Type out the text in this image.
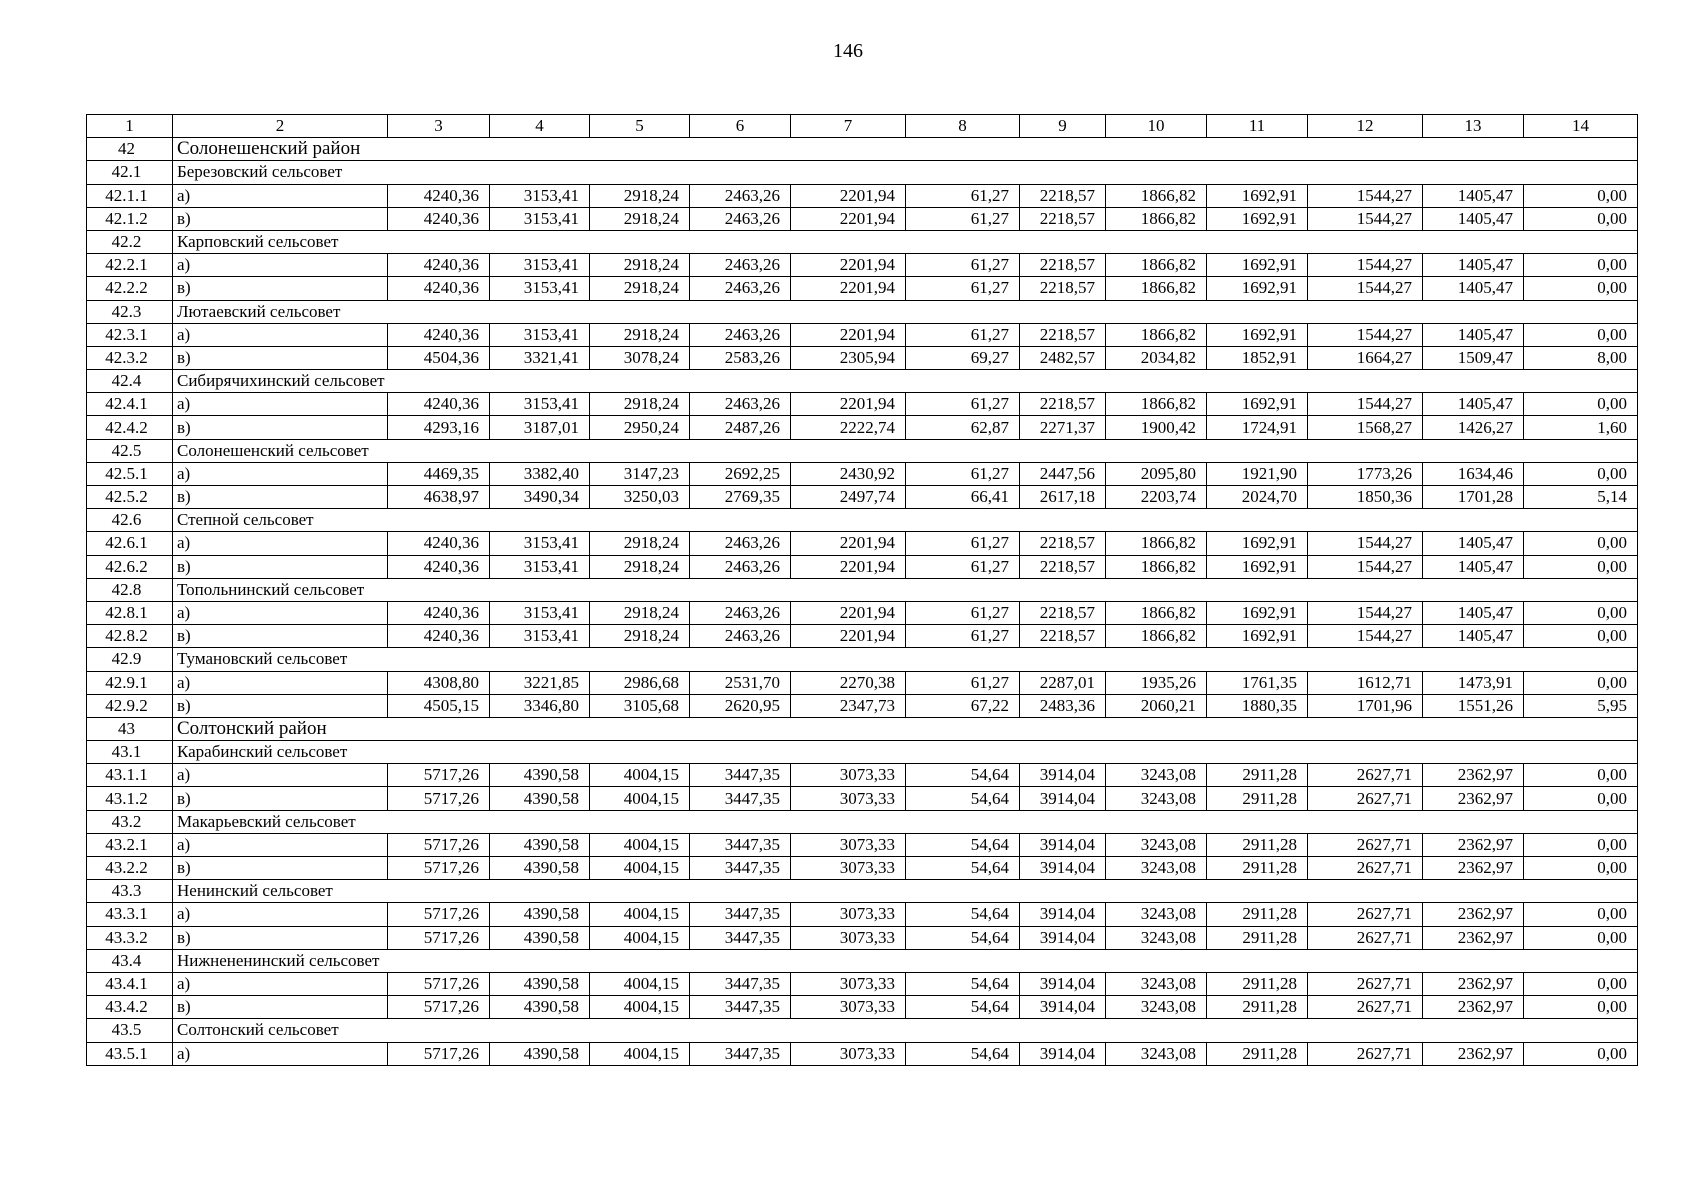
146
1	2	3	4	5	6	7	8	9	10	11	12	13	14
42	Солонешенский район												
42.1	Березовский сельсовет												
42.1.1	а)	4240,36	3153,41	2918,24	2463,26	2201,94	61,27	2218,57	1866,82	1692,91	1544,27	1405,47	0,00
42.1.2	в)	4240,36	3153,41	2918,24	2463,26	2201,94	61,27	2218,57	1866,82	1692,91	1544,27	1405,47	0,00
42.2	Карповский сельсовет												
42.2.1	а)	4240,36	3153,41	2918,24	2463,26	2201,94	61,27	2218,57	1866,82	1692,91	1544,27	1405,47	0,00
42.2.2	в)	4240,36	3153,41	2918,24	2463,26	2201,94	61,27	2218,57	1866,82	1692,91	1544,27	1405,47	0,00
42.3	Лютаевский сельсовет												
42.3.1	а)	4240,36	3153,41	2918,24	2463,26	2201,94	61,27	2218,57	1866,82	1692,91	1544,27	1405,47	0,00
42.3.2	в)	4504,36	3321,41	3078,24	2583,26	2305,94	69,27	2482,57	2034,82	1852,91	1664,27	1509,47	8,00
42.4	Сибирячихинский сельсовет												
42.4.1	а)	4240,36	3153,41	2918,24	2463,26	2201,94	61,27	2218,57	1866,82	1692,91	1544,27	1405,47	0,00
42.4.2	в)	4293,16	3187,01	2950,24	2487,26	2222,74	62,87	2271,37	1900,42	1724,91	1568,27	1426,27	1,60
42.5	Солонешенский сельсовет												
42.5.1	а)	4469,35	3382,40	3147,23	2692,25	2430,92	61,27	2447,56	2095,80	1921,90	1773,26	1634,46	0,00
42.5.2	в)	4638,97	3490,34	3250,03	2769,35	2497,74	66,41	2617,18	2203,74	2024,70	1850,36	1701,28	5,14
42.6	Степной сельсовет												
42.6.1	а)	4240,36	3153,41	2918,24	2463,26	2201,94	61,27	2218,57	1866,82	1692,91	1544,27	1405,47	0,00
42.6.2	в)	4240,36	3153,41	2918,24	2463,26	2201,94	61,27	2218,57	1866,82	1692,91	1544,27	1405,47	0,00
42.8	Топольнинский сельсовет												
42.8.1	а)	4240,36	3153,41	2918,24	2463,26	2201,94	61,27	2218,57	1866,82	1692,91	1544,27	1405,47	0,00
42.8.2	в)	4240,36	3153,41	2918,24	2463,26	2201,94	61,27	2218,57	1866,82	1692,91	1544,27	1405,47	0,00
42.9	Тумановский сельсовет												
42.9.1	а)	4308,80	3221,85	2986,68	2531,70	2270,38	61,27	2287,01	1935,26	1761,35	1612,71	1473,91	0,00
42.9.2	в)	4505,15	3346,80	3105,68	2620,95	2347,73	67,22	2483,36	2060,21	1880,35	1701,96	1551,26	5,95
43	Солтонский район												
43.1	Карабинский сельсовет												
43.1.1	а)	5717,26	4390,58	4004,15	3447,35	3073,33	54,64	3914,04	3243,08	2911,28	2627,71	2362,97	0,00
43.1.2	в)	5717,26	4390,58	4004,15	3447,35	3073,33	54,64	3914,04	3243,08	2911,28	2627,71	2362,97	0,00
43.2	Макарьевский сельсовет												
43.2.1	а)	5717,26	4390,58	4004,15	3447,35	3073,33	54,64	3914,04	3243,08	2911,28	2627,71	2362,97	0,00
43.2.2	в)	5717,26	4390,58	4004,15	3447,35	3073,33	54,64	3914,04	3243,08	2911,28	2627,71	2362,97	0,00
43.3	Ненинский сельсовет												
43.3.1	а)	5717,26	4390,58	4004,15	3447,35	3073,33	54,64	3914,04	3243,08	2911,28	2627,71	2362,97	0,00
43.3.2	в)	5717,26	4390,58	4004,15	3447,35	3073,33	54,64	3914,04	3243,08	2911,28	2627,71	2362,97	0,00
43.4	Нижнененинский сельсовет												
43.4.1	а)	5717,26	4390,58	4004,15	3447,35	3073,33	54,64	3914,04	3243,08	2911,28	2627,71	2362,97	0,00
43.4.2	в)	5717,26	4390,58	4004,15	3447,35	3073,33	54,64	3914,04	3243,08	2911,28	2627,71	2362,97	0,00
43.5	Солтонский сельсовет												
43.5.1	а)	5717,26	4390,58	4004,15	3447,35	3073,33	54,64	3914,04	3243,08	2911,28	2627,71	2362,97	0,00
